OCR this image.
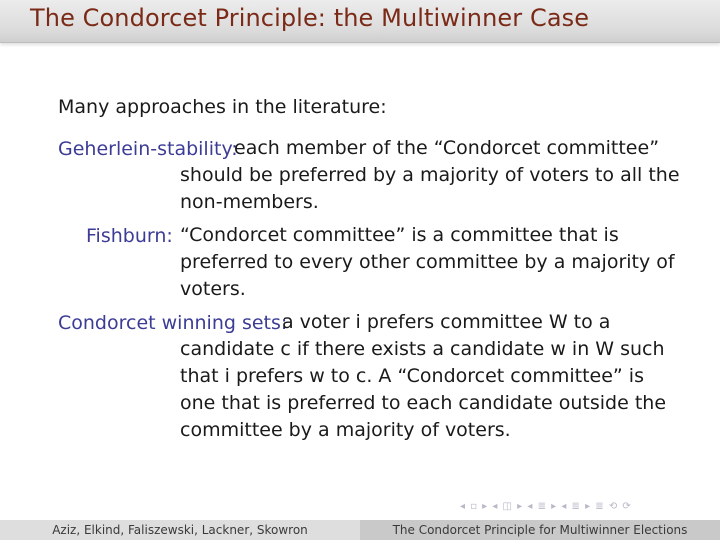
The Condorcet Principle: the Multiwinner Case
Many approaches in the literature:
Geherlein-stability:
each member of the “Condorcet committee”
should be preferred by a majority of voters to all the
non-members.
Fishburn: “Condorcet committee” is a committee that is
preferred to every other committee by a majority of
voters.
Condorcet winning sets:
a voter i prefers committee W to a
candidate c if there exists a candidate w in W such
that i prefers w to c. A “Condorcet committee” is
one that is preferred to each candidate outside the
committee by a majority of voters.
◂ ▫ ▸ ◂ ◫ ▸ ◂ ≣ ▸ ◂ ≣ ▸ ≣ ⟲ ⟳
Aziz, Elkind, Faliszewski, Lackner, Skowron	The Condorcet Principle for Multiwinner Elections
